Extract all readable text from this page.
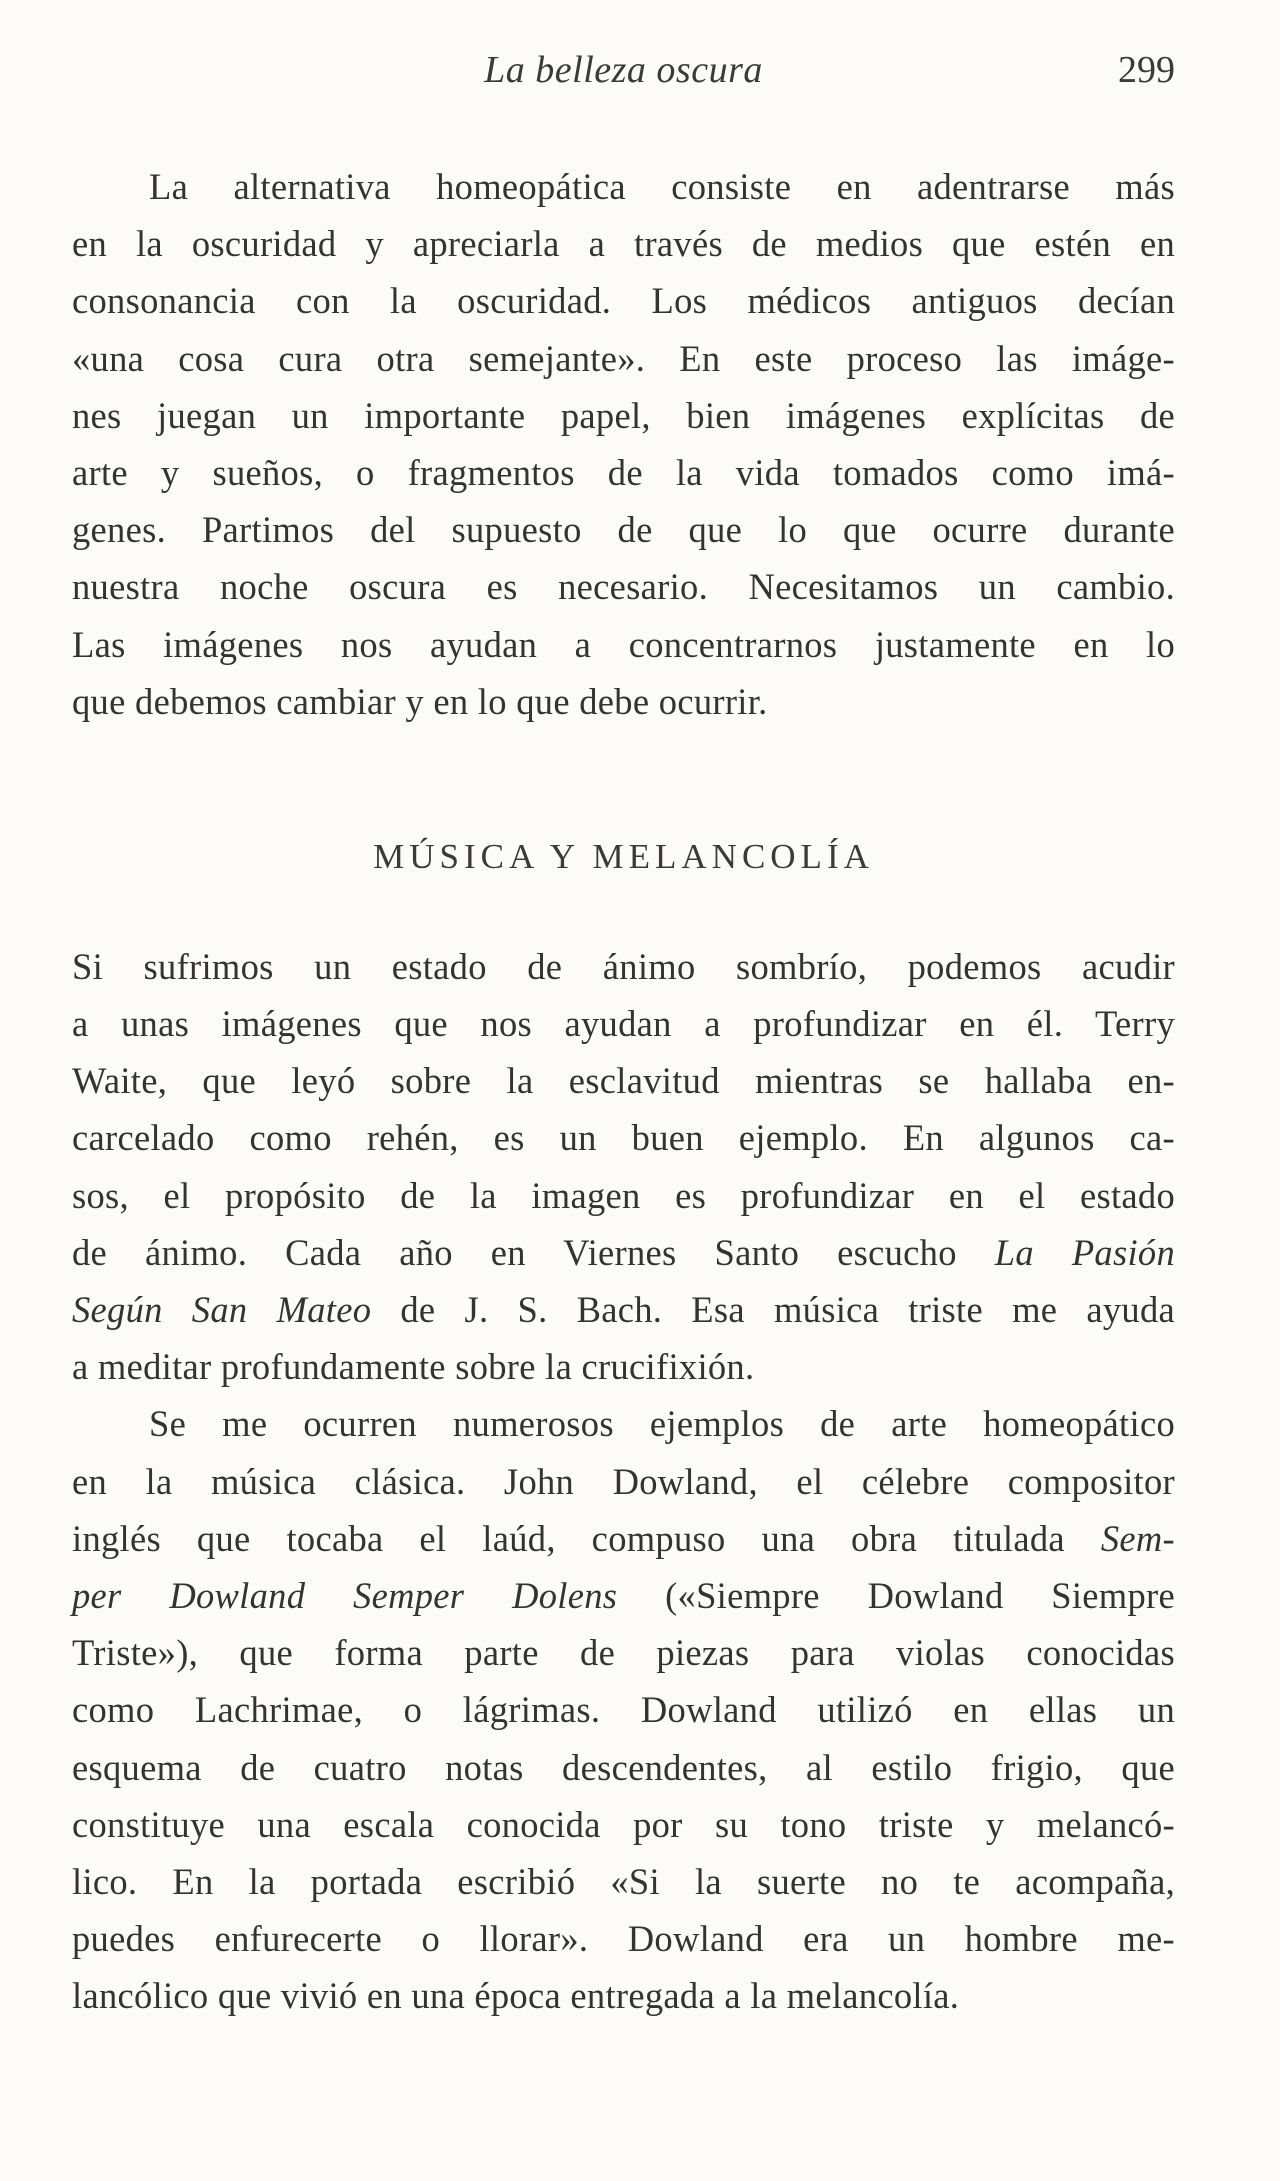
La belleza oscura	299
La alternativa homeopática consiste en adentrarse más
en la oscuridad y apreciarla a través de medios que estén en
consonancia con la oscuridad. Los médicos antiguos decían
«una cosa cura otra semejante». En este proceso las imáge-
nes juegan un importante papel, bien imágenes explícitas de
arte y sueños, o fragmentos de la vida tomados como imá-
genes. Partimos del supuesto de que lo que ocurre durante
nuestra noche oscura es necesario. Necesitamos un cambio.
Las imágenes nos ayudan a concentrarnos justamente en lo
que debemos cambiar y en lo que debe ocurrir.
MÚSICA Y MELANCOLÍA
Si sufrimos un estado de ánimo sombrío, podemos acudir
a unas imágenes que nos ayudan a profundizar en él. Terry
Waite, que leyó sobre la esclavitud mientras se hallaba en-
carcelado como rehén, es un buen ejemplo. En algunos ca-
sos, el propósito de la imagen es profundizar en el estado
de ánimo. Cada año en Viernes Santo escucho La Pasión
Según San Mateo de J. S. Bach. Esa música triste me ayuda
a meditar profundamente sobre la crucifixión.
Se me ocurren numerosos ejemplos de arte homeopático
en la música clásica. John Dowland, el célebre compositor
inglés que tocaba el laúd, compuso una obra titulada Sem-
per Dowland Semper Dolens («Siempre Dowland Siempre
Triste»), que forma parte de piezas para violas conocidas
como Lachrimae, o lágrimas. Dowland utilizó en ellas un
esquema de cuatro notas descendentes, al estilo frigio, que
constituye una escala conocida por su tono triste y melancó-
lico. En la portada escribió «Si la suerte no te acompaña,
puedes enfurecerte o llorar». Dowland era un hombre me-
lancólico que vivió en una época entregada a la melancolía.
